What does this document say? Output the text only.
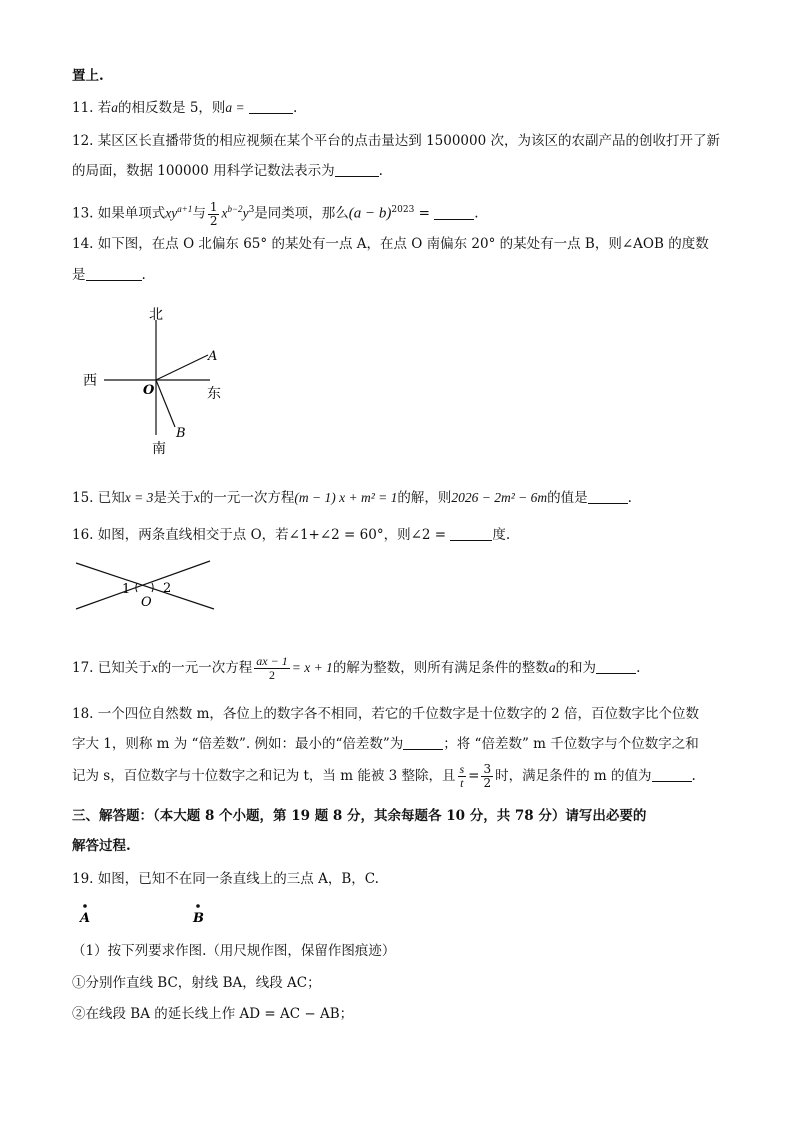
置上.
11. 若a的相反数是 5，则a =	.
12. 某区区长直播带货的相应视频在某个平台的点击量达到 1500000 次，为该区的农副产品的创收打开了新
的局面，数据 100000 用科学记数法表示为	.
13. 如果单项式$xy^{a+1}$与 $\frac{1}{2} x^{b-2}y^3$是同类项，那么$(a - b)^{2023}$ =	.
14. 如下图，在点 O 北偏东 65° 的某处有一点 A，在点 O 南偏东 20° 的某处有一点 B，则∠AOB 的度数
是	.
北
南
东
西
O
A
B
15. 已知x = 3是关于x的一元一次方程(m − 1) x + m² = 1的解，则2026 − 2m² − 6m的值是	.
16. 如图，两条直线相交于点 O，若∠1+∠2 = 60°，则∠2 =	度.
1	2
O
17. 已知关于x的一元一次方程 $\frac{ax - 1}{2} = x + 1$的解为整数，则所有满足条件的整数a的和为	.
18. 一个四位自然数 m，各位上的数字各不相同，若它的千位数字是十位数字的 2 倍，百位数字比个位数
字大 1，则称 m 为 “倍差数”. 例如：最小的“倍差数”为	；将 “倍差数” m 千位数字与个位数字之和
记为 s，百位数字与十位数字之和记为 t，当 m 能被 3 整除，且 $\frac{s}{t} = \frac{3}{2}$ 时，满足条件的 m 的值为	.
三、解答题：（本大题 8 个小题，第 19 题 8 分，其余每题各 10 分，共 78 分）请写出必要的
解答过程.
19. 如图，已知不在同一条直线上的三点 A，B，C.
A	B
（1）按下列要求作图.（用尺规作图，保留作图痕迹）
①分别作直线 BC，射线 BA，线段 AC；
②在线段 BA 的延长线上作 AD = AC − AB；
